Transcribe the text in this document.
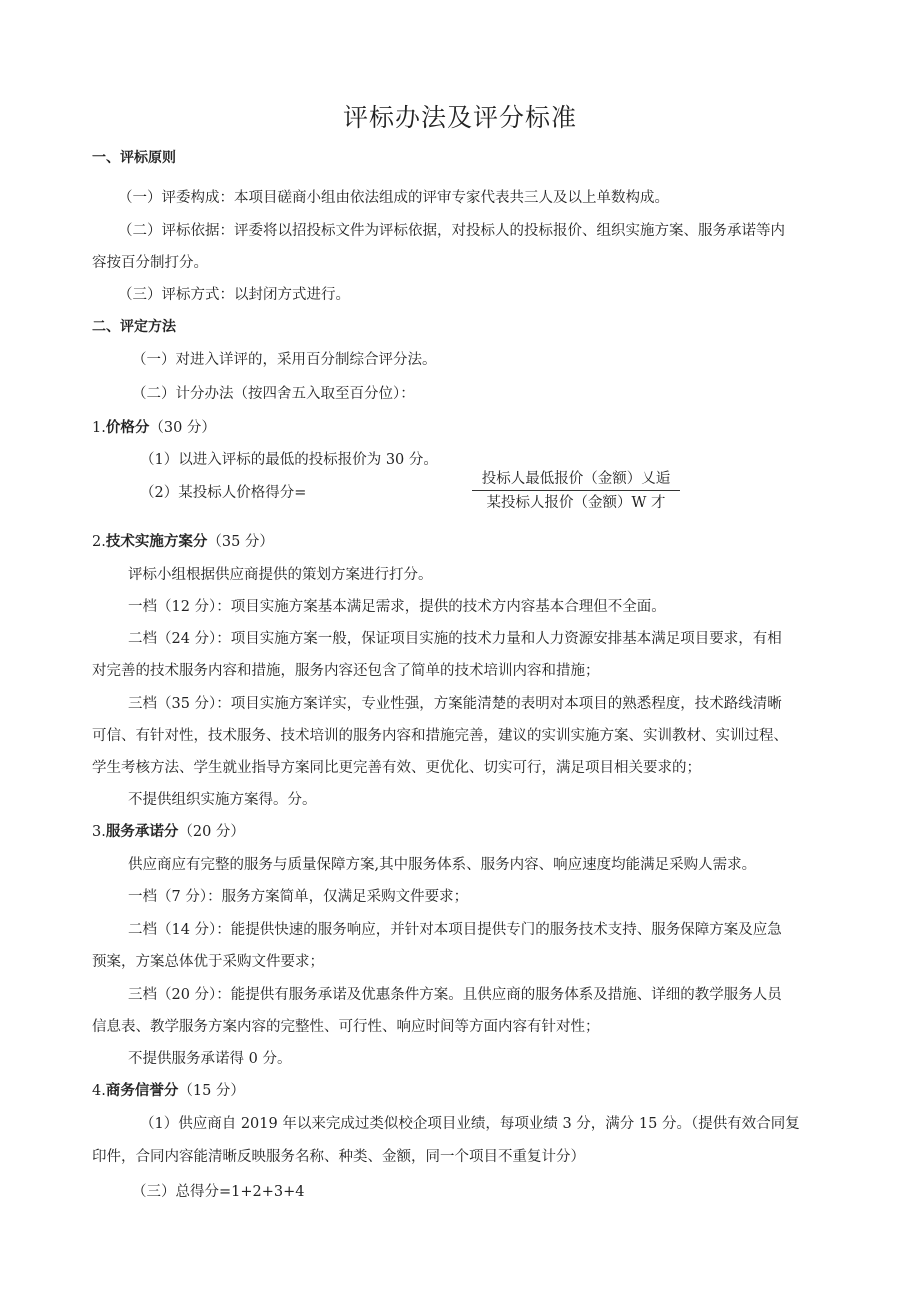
评标办法及评分标准
一、评标原则
（一）评委构成：本项目磋商小组由依法组成的评审专家代表共三人及以上单数构成。
（二）评标依据：评委将以招投标文件为评标依据，对投标人的投标报价、组织实施方案、服务承诺等内
容按百分制打分。
（三）评标方式：以封闭方式进行。
二、评定方法
（一）对进入详评的，采用百分制综合评分法。
（二）计分办法（按四舍五入取至百分位）：
1.价格分（30 分）
（1）以进入评标的最低的投标报价为 30 分。
（2）某投标人价格得分=
投标人最低报价（金额）乂逅
某投标人报价（金额）W 才
2.技术实施方案分（35 分）
评标小组根据供应商提供的策划方案进行打分。
一档（12 分）：项目实施方案基本满足需求，提供的技术方内容基本合理但不全面。
二档（24 分）：项目实施方案一般，保证项目实施的技术力量和人力资源安排基本满足项目要求，有相
对完善的技术服务内容和措施，服务内容还包含了简单的技术培训内容和措施；
三档（35 分）：项目实施方案详实，专业性强，方案能清楚的表明对本项目的熟悉程度，技术路线清晰
可信、有针对性，技术服务、技术培训的服务内容和措施完善，建议的实训实施方案、实训教材、实训过程、
学生考核方法、学生就业指导方案同比更完善有效、更优化、切实可行，满足项目相关要求的；
不提供组织实施方案得。分。
3.服务承诺分（20 分）
供应商应有完整的服务与质量保障方案,其中服务体系、服务内容、响应速度均能满足采购人需求。
一档（7 分）：服务方案简单，仅满足采购文件要求；
二档（14 分）：能提供快速的服务响应，并针对本项目提供专门的服务技术支持、服务保障方案及应急
预案，方案总体优于采购文件要求；
三档（20 分）：能提供有服务承诺及优惠条件方案。且供应商的服务体系及措施、详细的教学服务人员
信息表、教学服务方案内容的完整性、可行性、响应时间等方面内容有针对性；
不提供服务承诺得 0 分。
4.商务信誉分（15 分）
（1）供应商自 2019 年以来完成过类似校企项目业绩，每项业绩 3 分，满分 15 分。（提供有效合同复
印件，合同内容能清晰反映服务名称、种类、金额，同一个项目不重复计分）
（三）总得分=1+2+3+4
